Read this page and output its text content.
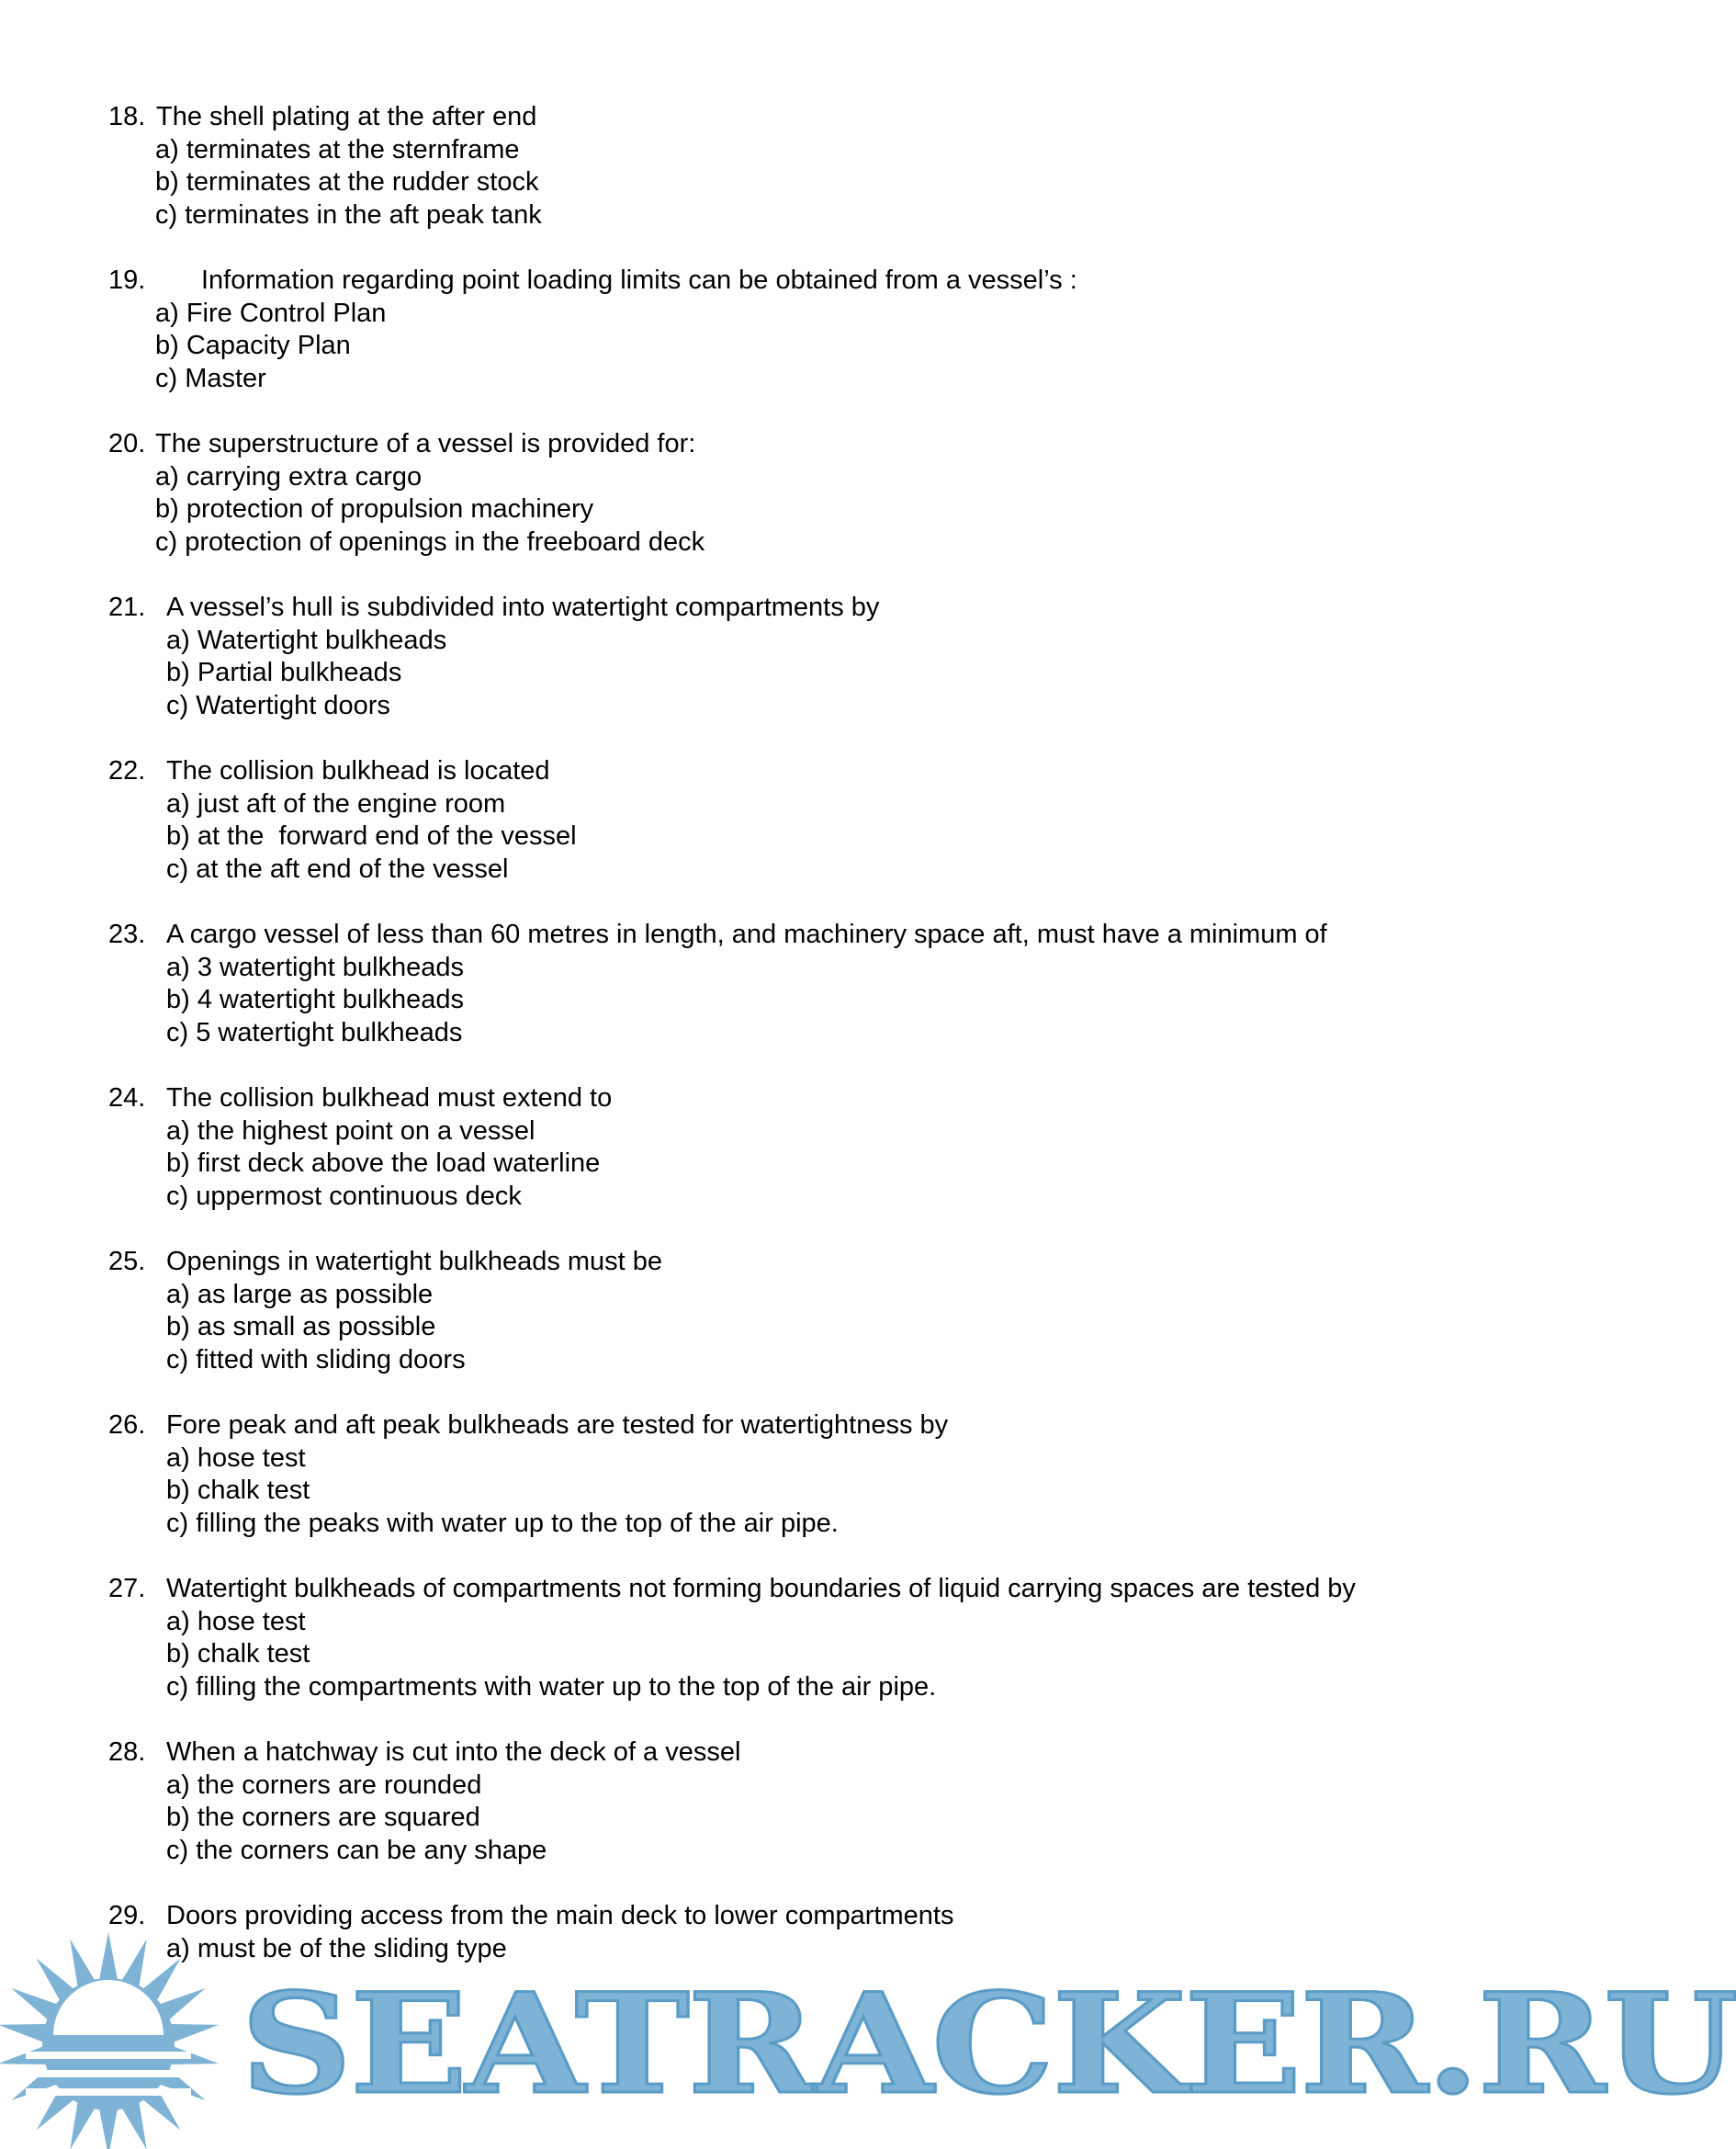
18. The shell plating at the after end
a) terminates at the sternframe
b) terminates at the rudder stock
c) terminates in the aft peak tank
19.	Information regarding point loading limits can be obtained from a vessel’s :
a) Fire Control Plan
b) Capacity Plan
c) Master
20. The superstructure of a vessel is provided for:
a) carrying extra cargo
b) protection of propulsion machinery
c) protection of openings in the freeboard deck
21. A vessel’s hull is subdivided into watertight compartments by
a) Watertight bulkheads
b) Partial bulkheads
c) Watertight doors
22. The collision bulkhead is located
a) just aft of the engine room
b) at the  forward end of the vessel
c) at the aft end of the vessel
23. A cargo vessel of less than 60 metres in length, and machinery space aft, must have a minimum of
a) 3 watertight bulkheads
b) 4 watertight bulkheads
c) 5 watertight bulkheads
24. The collision bulkhead must extend to
a) the highest point on a vessel
b) first deck above the load waterline
c) uppermost continuous deck
25. Openings in watertight bulkheads must be
a) as large as possible
b) as small as possible
c) fitted with sliding doors
26. Fore peak and aft peak bulkheads are tested for watertightness by
a) hose test
b) chalk test
c) filling the peaks with water up to the top of the air pipe.
27. Watertight bulkheads of compartments not forming boundaries of liquid carrying spaces are tested by
a) hose test
b) chalk test
c) filling the compartments with water up to the top of the air pipe.
28. When a hatchway is cut into the deck of a vessel
a) the corners are rounded
b) the corners are squared
c) the corners can be any shape
29. Doors providing access from the main deck to lower compartments
a) must be of the sliding type
SEATRACKER.RU
